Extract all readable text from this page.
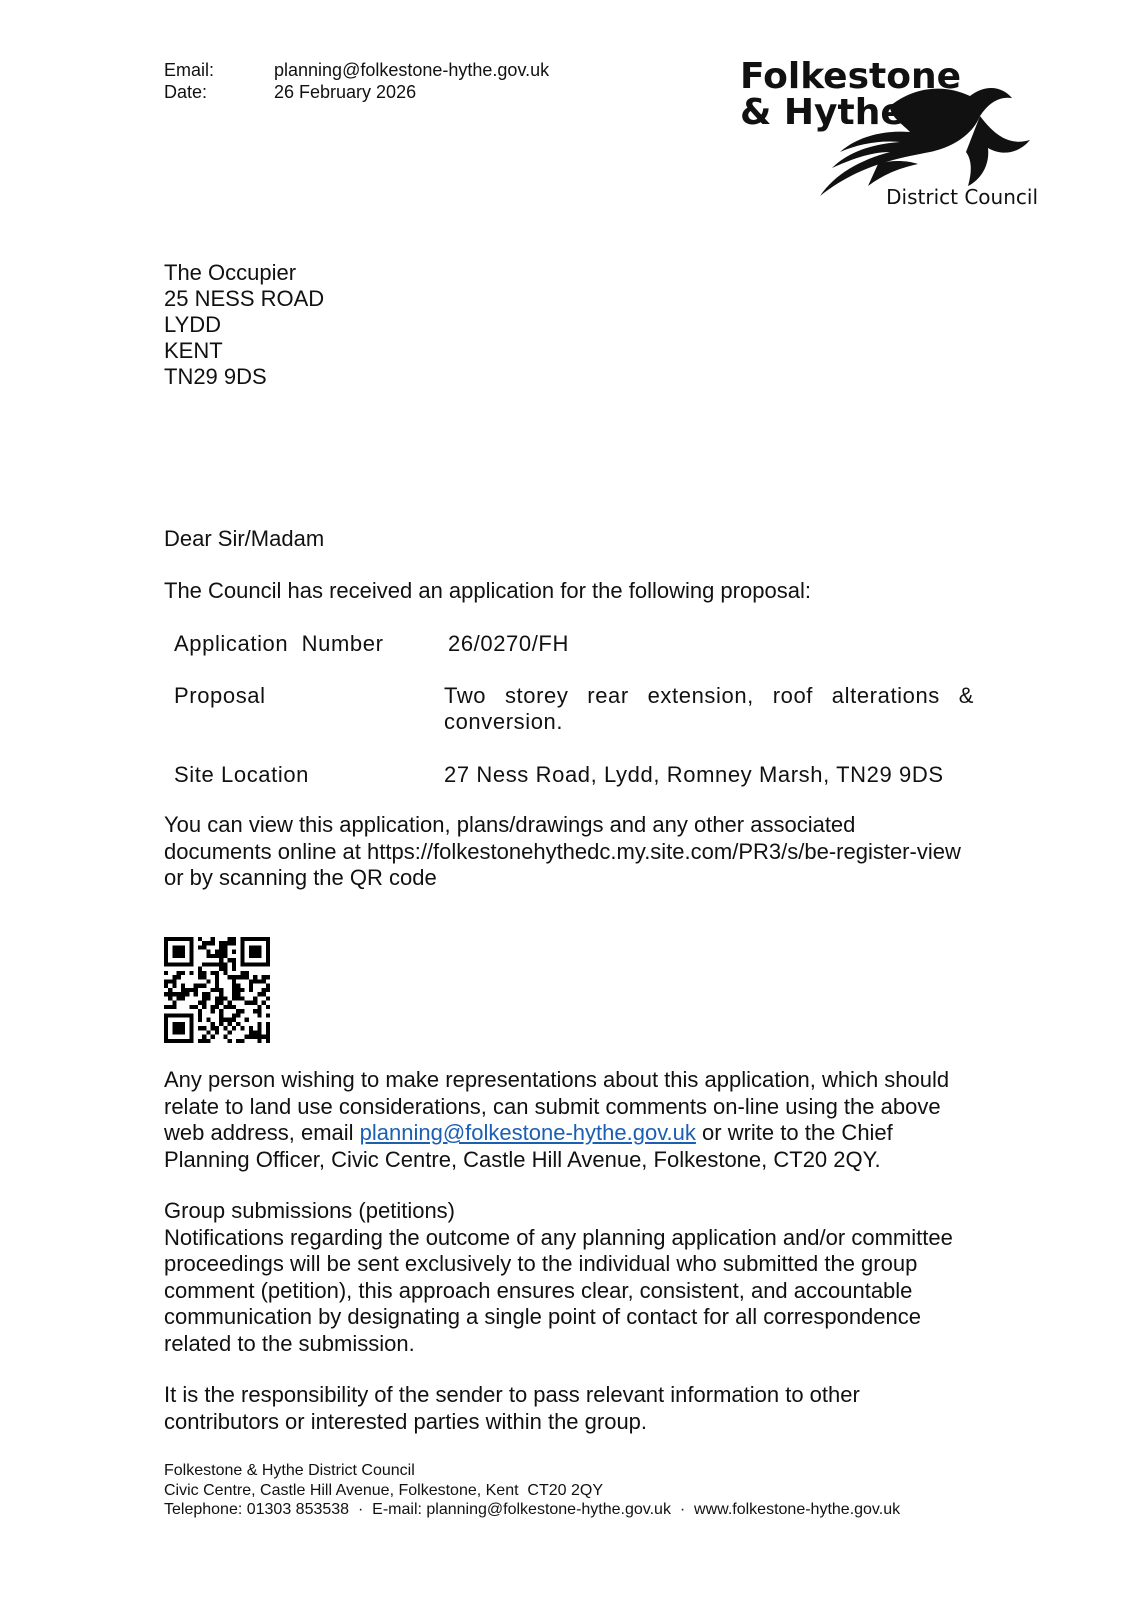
Email:	planning@folkestone-hythe.gov.uk
Date:	26 February 2026	Folkestone
& Hythe
District Council
The Occupier
25 NESS ROAD
LYDD
KENT
TN29 9DS
Dear Sir/Madam
The Council has received an application for the following proposal:
Application  Number	26/0270/FH
Proposal	Two storey rear extension, roof alterations & conversion.
Site Location	27 Ness Road, Lydd, Romney Marsh, TN29 9DS
You can view this application, plans/drawings and any other associated
documents online at https://folkestonehythedc.my.site.com/PR3/s/be-register-view
or by scanning the QR code
Any person wishing to make representations about this application, which should
relate to land use considerations, can submit comments on-line using the above
web address, email planning@folkestone-hythe.gov.uk or write to the Chief
Planning Officer, Civic Centre, Castle Hill Avenue, Folkestone, CT20 2QY.
Group submissions (petitions)
Notifications regarding the outcome of any planning application and/or committee
proceedings will be sent exclusively to the individual who submitted the group
comment (petition), this approach ensures clear, consistent, and accountable
communication by designating a single point of contact for all correspondence
related to the submission.
It is the responsibility of the sender to pass relevant information to other
contributors or interested parties within the group.
Folkestone & Hythe District Council
Civic Centre, Castle Hill Avenue, Folkestone, Kent  CT20 2QY
Telephone: 01303 853538  ·  E-mail: planning@folkestone-hythe.gov.uk  ·  www.folkestone-hythe.gov.uk
